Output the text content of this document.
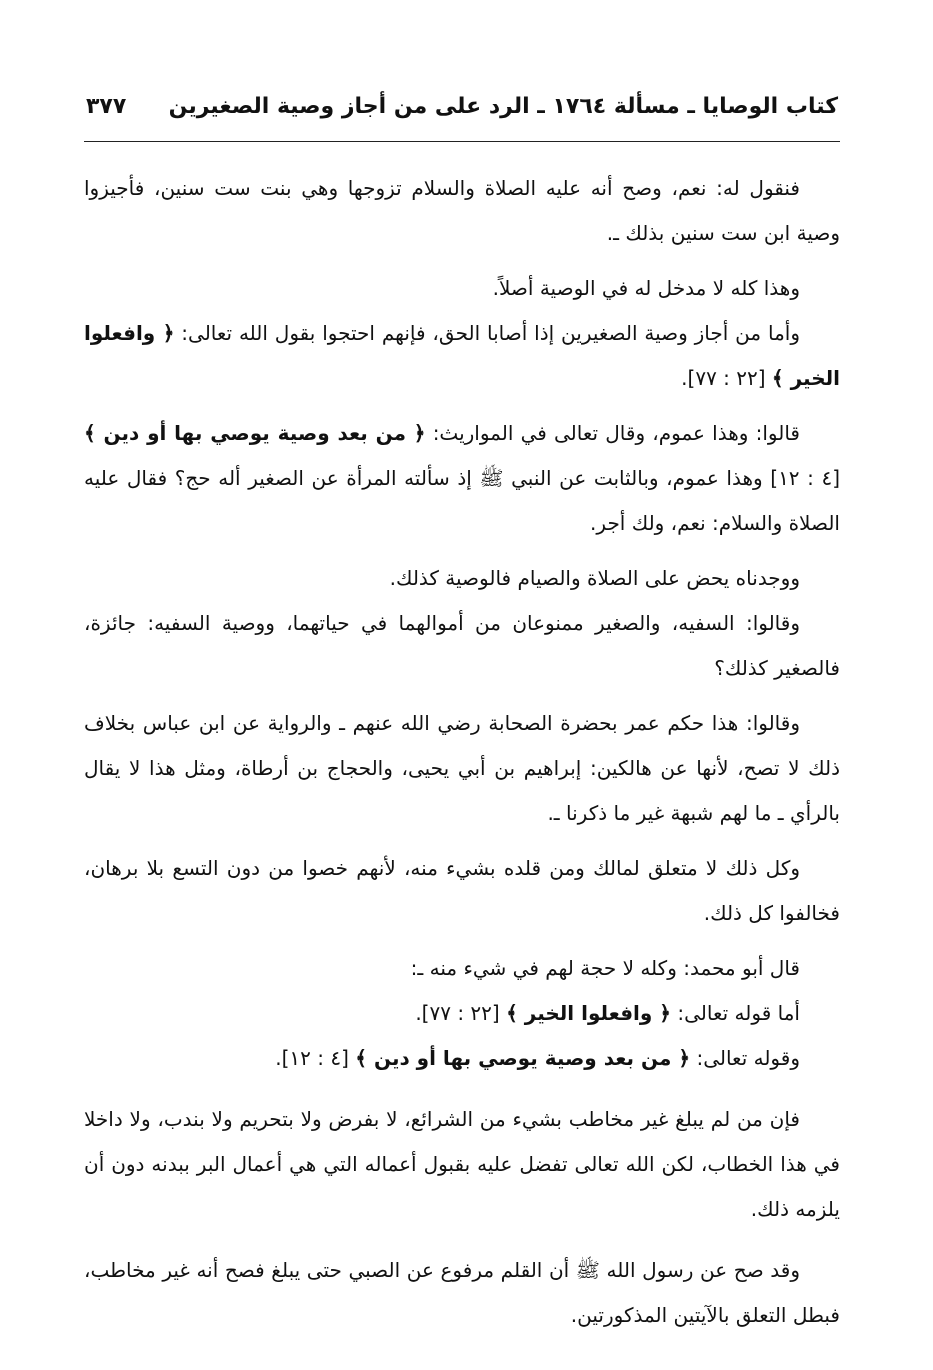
كتاب الوصايا ـ مسألة ١٧٦٤ ـ الرد على من أجاز وصية الصغيرين
٣٧٧

فنقول له: نعم، وصح أنه عليه الصلاة والسلام تزوجها وهي بنت ست سنين، فأجيزوا وصية ابن ست سنين بذلك ـ.

وهذا كله لا مدخل له في الوصية أصلاً.

وأما من أجاز وصية الصغيرين إذا أصابا الحق، فإنهم احتجوا بقول الله تعالى: ﴿ وافعلوا الخير ﴾ [٢٢ : ٧٧].

قالوا: وهذا عموم، وقال تعالى في المواريث: ﴿ من بعد وصية يوصي بها أو دين ﴾ [٤ : ١٢] وهذا عموم، وبالثابت عن النبي ﷺ إذ سألته المرأة عن الصغير أله حج؟ فقال عليه الصلاة والسلام: نعم، ولك أجر.

ووجدناه يحض على الصلاة والصيام فالوصية كذلك.

وقالوا: السفيه، والصغير ممنوعان من أموالهما في حياتهما، ووصية السفيه: جائزة، فالصغير كذلك؟

وقالوا: هذا حكم عمر بحضرة الصحابة رضي الله عنهم ـ والرواية عن ابن عباس بخلاف ذلك لا تصح، لأنها عن هالكين: إبراهيم بن أبي يحيى، والحجاج بن أرطاة، ومثل هذا لا يقال بالرأي ـ ما لهم شبهة غير ما ذكرنا ـ.

وكل ذلك لا متعلق لمالك ومن قلده بشيء منه، لأنهم خصوا من دون التسع بلا برهان، فخالفوا كل ذلك.

قال أبو محمد: وكله لا حجة لهم في شيء منه ـ:

أما قوله تعالى: ﴿ وافعلوا الخير ﴾ [٢٢ : ٧٧].

وقوله تعالى: ﴿ من بعد وصية يوصي بها أو دين ﴾ [٤ : ١٢].

فإن من لم يبلغ غير مخاطب بشيء من الشرائع، لا بفرض ولا بتحريم ولا بندب، ولا داخلا في هذا الخطاب، لكن الله تعالى تفضل عليه بقبول أعماله التي هي أعمال البر ببدنه دون أن يلزمه ذلك.

وقد صح عن رسول الله ﷺ أن القلم مرفوع عن الصبي حتى يبلغ فصح أنه غير مخاطب، فبطل التعلق بالآيتين المذكورتين.
